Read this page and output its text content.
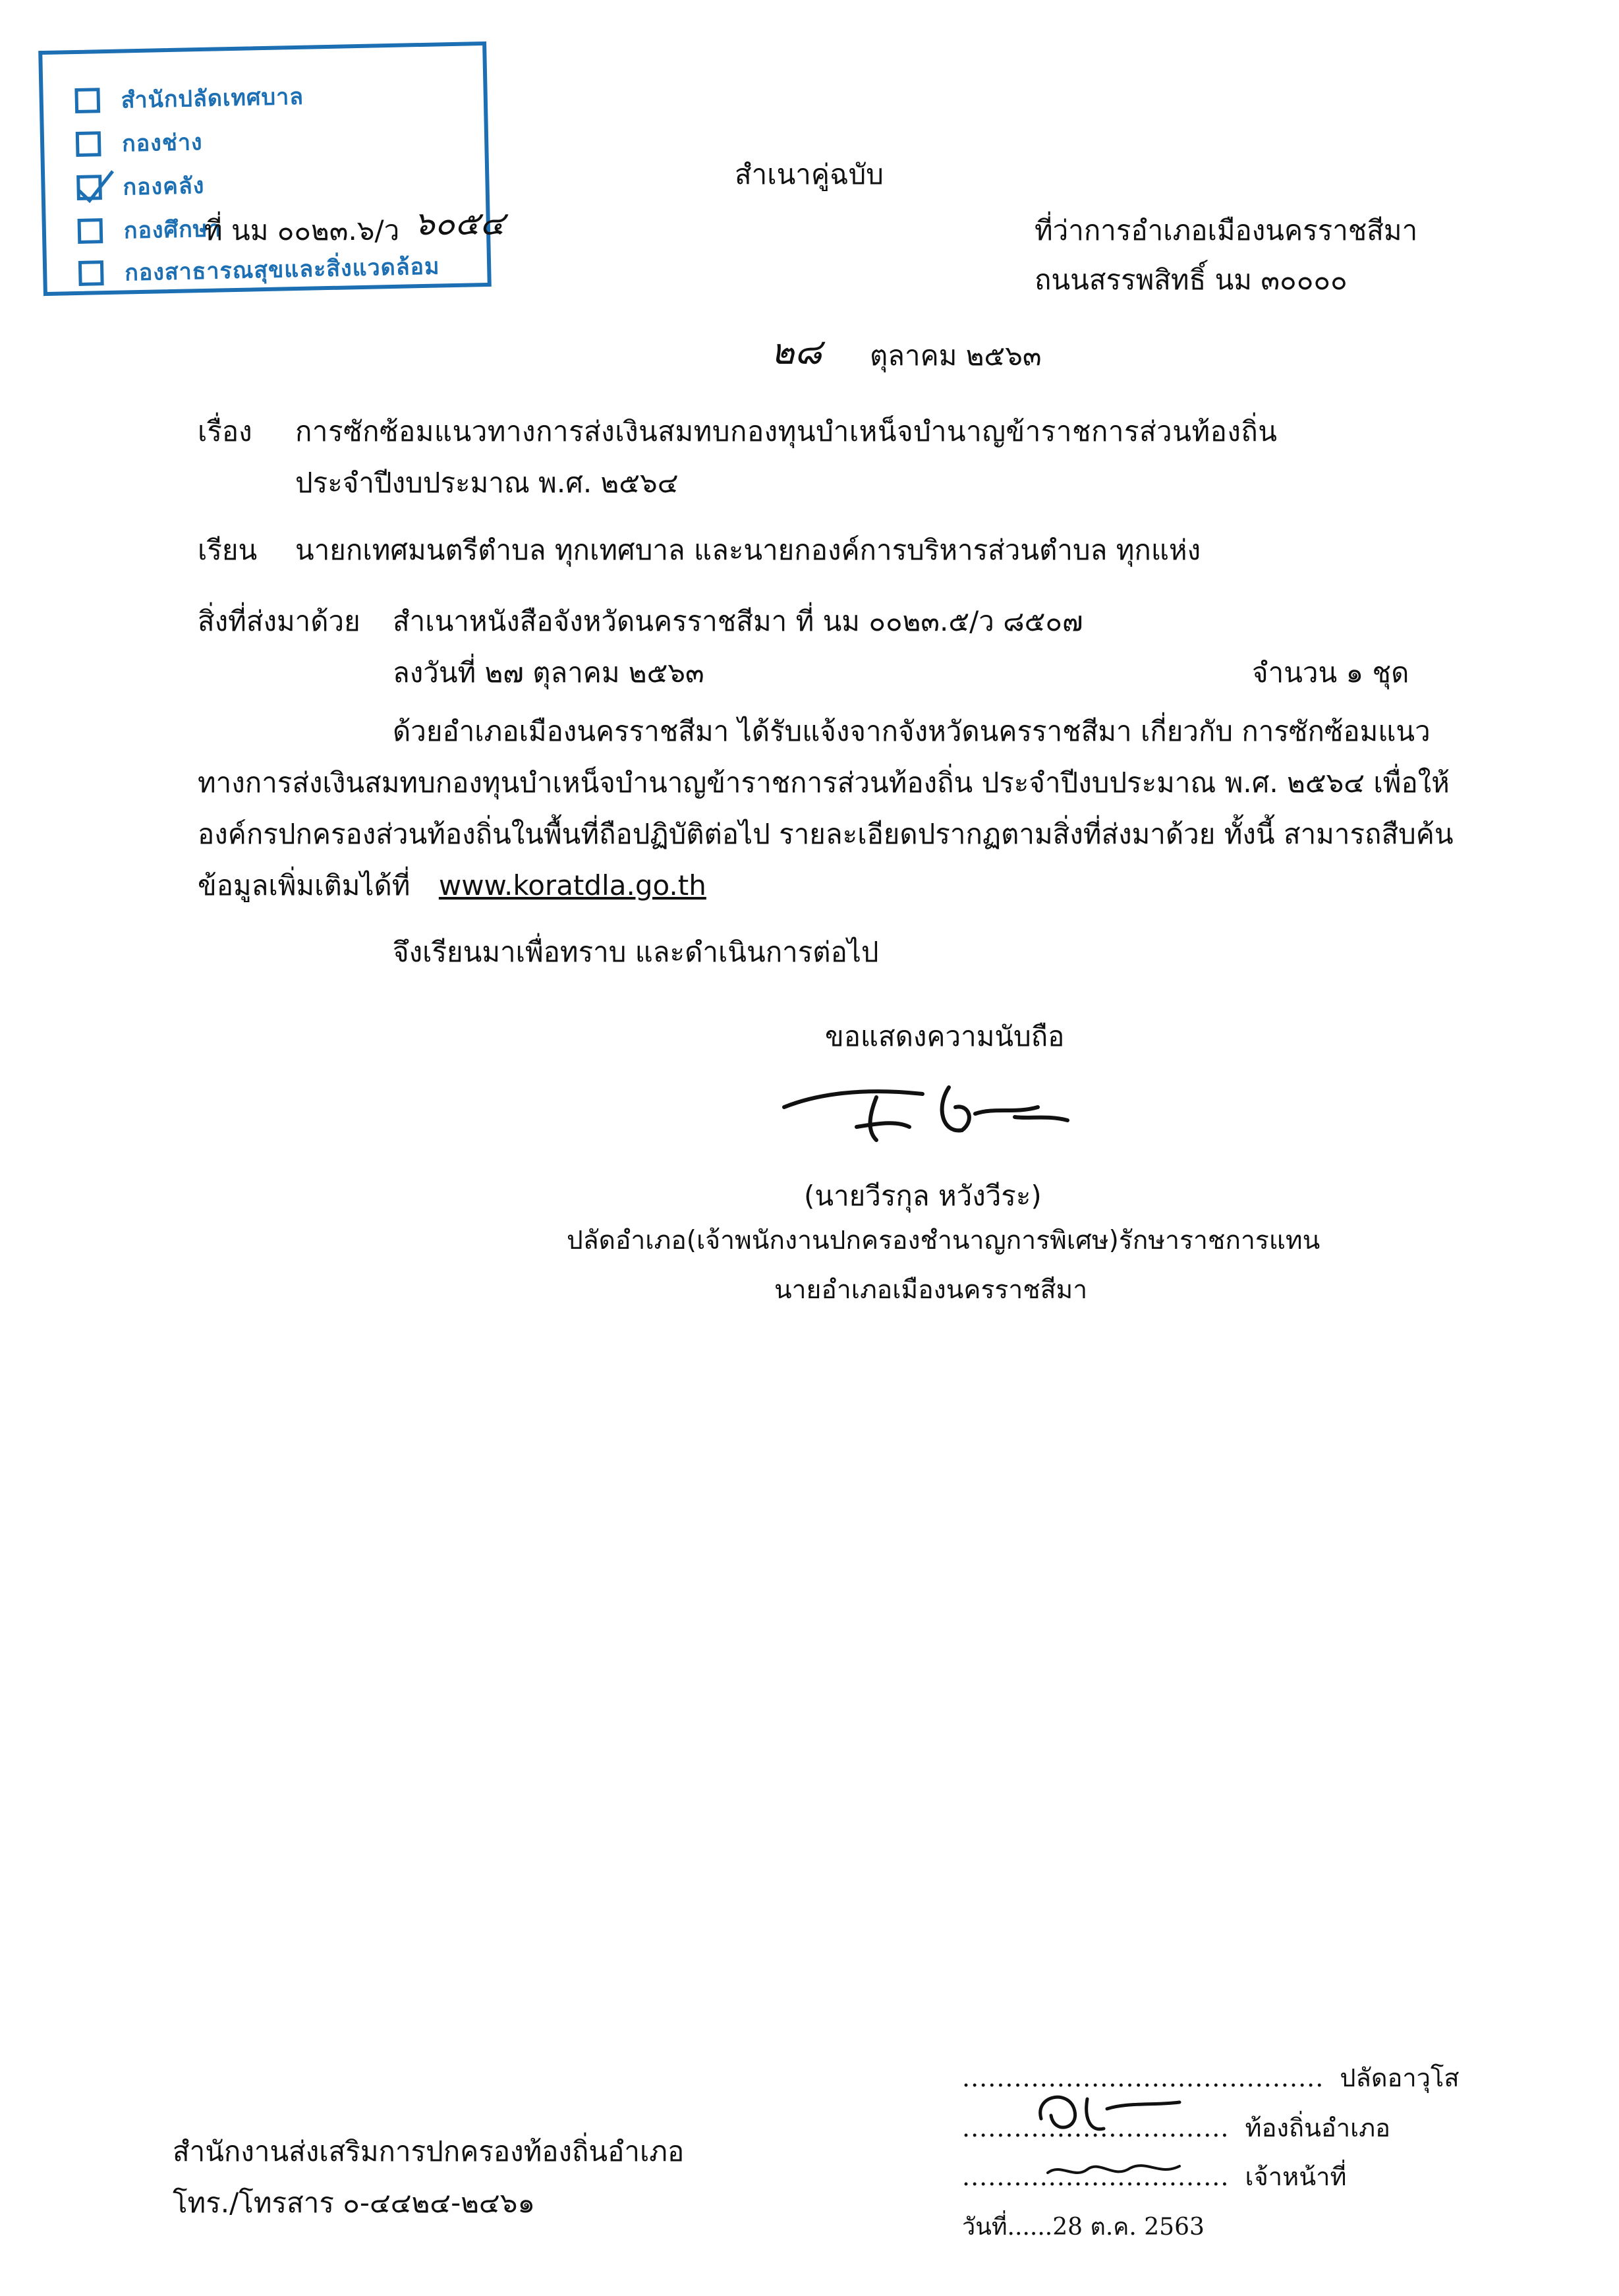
สำนักปลัดเทศบาล
กองช่าง
กองคลัง
กองศึกษา
กองสาธารณสุขและสิ่งแวดล้อม
สำเนาคู่ฉบับ
ที่ นม ๐๐๒๓.๖/ว ๖๐๕๔	ที่ว่าการอำเภอเมืองนครราชสีมา
ถนนสรรพสิทธิ์ นม ๓๐๐๐๐
๒๘ ตุลาคม ๒๕๖๓
เรื่อง การซักซ้อมแนวทางการส่งเงินสมทบกองทุนบำเหน็จบำนาญข้าราชการส่วนท้องถิ่น
ประจำปีงบประมาณ พ.ศ. ๒๕๖๔
เรียน นายกเทศมนตรีตำบล ทุกเทศบาล และนายกองค์การบริหารส่วนตำบล ทุกแห่ง
สิ่งที่ส่งมาด้วย สำเนาหนังสือจังหวัดนครราชสีมา ที่ นม ๐๐๒๓.๕/ว ๘๕๐๗
ลงวันที่ ๒๗ ตุลาคม ๒๕๖๓	จำนวน ๑ ชุด
ด้วยอำเภอเมืองนครราชสีมา ได้รับแจ้งจากจังหวัดนครราชสีมา เกี่ยวกับ การซักซ้อมแนว
ทางการส่งเงินสมทบกองทุนบำเหน็จบำนาญข้าราชการส่วนท้องถิ่น ประจำปีงบประมาณ พ.ศ. ๒๕๖๔ เพื่อให้
องค์กรปกครองส่วนท้องถิ่นในพื้นที่ถือปฏิบัติต่อไป รายละเอียดปรากฏตามสิ่งที่ส่งมาด้วย ทั้งนี้ สามารถสืบค้น
ข้อมูลเพิ่มเติมได้ที่ www.koratdla.go.th
จึงเรียนมาเพื่อทราบ และดำเนินการต่อไป
ขอแสดงความนับถือ
(นายวีรกุล หวังวีระ)
ปลัดอำเภอ(เจ้าพนักงานปกครองชำนาญการพิเศษ)รักษาราชการแทน
นายอำเภอเมืองนครราชสีมา
สำนักงานส่งเสริมการปกครองท้องถิ่นอำเภอ
โทร./โทรสาร ๐-๔๔๒๔-๒๔๖๑
.......................................... ปลัดอาวุโส
............................... ท้องถิ่นอำเภอ
............................... เจ้าหน้าที่
วันที่......28 ต.ค. 2563
